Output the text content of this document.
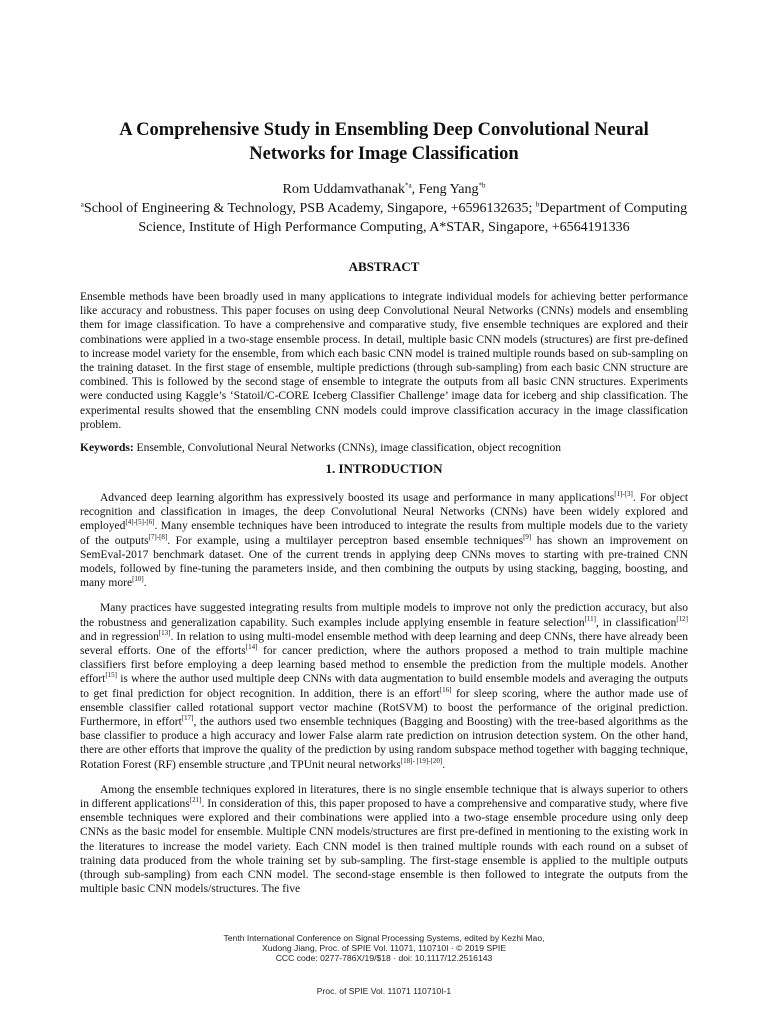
A Comprehensive Study in Ensembling Deep Convolutional Neural
Networks for Image Classification
Rom Uddamvathanak$^{*a}$, Feng Yang$^{*b}$
$^a$School of Engineering & Technology, PSB Academy, Singapore, +6596132635; $^b$Department of Computing Science, Institute of High Performance Computing, A*STAR, Singapore, +6564191336
ABSTRACT
Ensemble methods have been broadly used in many applications to integrate individual models for achieving better performance like accuracy and robustness. This paper focuses on using deep Convolutional Neural Networks (CNNs) models and ensembling them for image classification. To have a comprehensive and comparative study, five ensemble techniques are explored and their combinations were applied in a two-stage ensemble process. In detail, multiple basic CNN models (structures) are first pre-defined to increase model variety for the ensemble, from which each basic CNN model is trained multiple rounds based on sub-sampling on the training dataset. In the first stage of ensemble, multiple predictions (through sub-sampling) from each basic CNN structure are combined. This is followed by the second stage of ensemble to integrate the outputs from all basic CNN structures. Experiments were conducted using Kaggle’s ‘Statoil/C-CORE Iceberg Classifier Challenge’ image data for iceberg and ship classification. The experimental results showed that the ensembling CNN models could improve classification accuracy in the image classification problem.
Keywords: Ensemble, Convolutional Neural Networks (CNNs), image classification, object recognition
1. INTRODUCTION

Advanced deep learning algorithm has expressively boosted its usage and performance in many applications[1]-[3]. For object recognition and classification in images, the deep Convolutional Neural Networks (CNNs) have been widely explored and employed[4]-[5]-[6]. Many ensemble techniques have been introduced to integrate the results from multiple models due to the variety of the outputs[7]-[8]. For example, using a multilayer perceptron based ensemble techniques[9] has shown an improvement on SemEval-2017 benchmark dataset. One of the current trends in applying deep CNNs moves to starting with pre-trained CNN models, followed by fine-tuning the parameters inside, and then combining the outputs by using stacking, bagging, boosting, and many more[10].

Many practices have suggested integrating results from multiple models to improve not only the prediction accuracy, but also the robustness and generalization capability. Such examples include applying ensemble in feature selection[11], in classification[12] and in regression[13]. In relation to using multi-model ensemble method with deep learning and deep CNNs, there have already been several efforts. One of the efforts[14] for cancer prediction, where the authors proposed a method to train multiple machine classifiers first before employing a deep learning based method to ensemble the prediction from the multiple models. Another effort[15] is where the author used multiple deep CNNs with data augmentation to build ensemble models and averaging the outputs to get final prediction for object recognition. In addition, there is an effort[16] for sleep scoring, where the author made use of ensemble classifier called rotational support vector machine (RotSVM) to boost the performance of the original prediction. Furthermore, in effort[17], the authors used two ensemble techniques (Bagging and Boosting) with the tree-based algorithms as the base classifier to produce a high accuracy and lower False alarm rate prediction on intrusion detection system. On the other hand, there are other efforts that improve the quality of the prediction by using random subspace method together with bagging technique, Rotation Forest (RF) ensemble structure ,and TPUnit neural networks[18]- [19]-[20].

Among the ensemble techniques explored in literatures, there is no single ensemble technique that is always superior to others in different applications[21]. In consideration of this, this paper proposed to have a comprehensive and comparative study, where five ensemble techniques were explored and their combinations were applied into a two-stage ensemble procedure using only deep CNNs as the basic model for ensemble. Multiple CNN models/structures are first pre-defined in mentioning to the existing work in the literatures to increase the model variety. Each CNN model is then trained multiple rounds with each round on a subset of training data produced from the whole training set by sub-sampling. The first-stage ensemble is applied to the multiple outputs (through sub-sampling) from each CNN model. The second-stage ensemble is then followed to integrate the outputs from the multiple basic CNN models/structures. The five

Tenth International Conference on Signal Processing Systems, edited by Kezhi Mao,
Xudong Jiang, Proc. of SPIE Vol. 11071, 110710I · © 2019 SPIE
CCC code: 0277-786X/19/$18 · doi: 10.1117/12.2516143
Proc. of SPIE Vol. 11071 110710I-1
